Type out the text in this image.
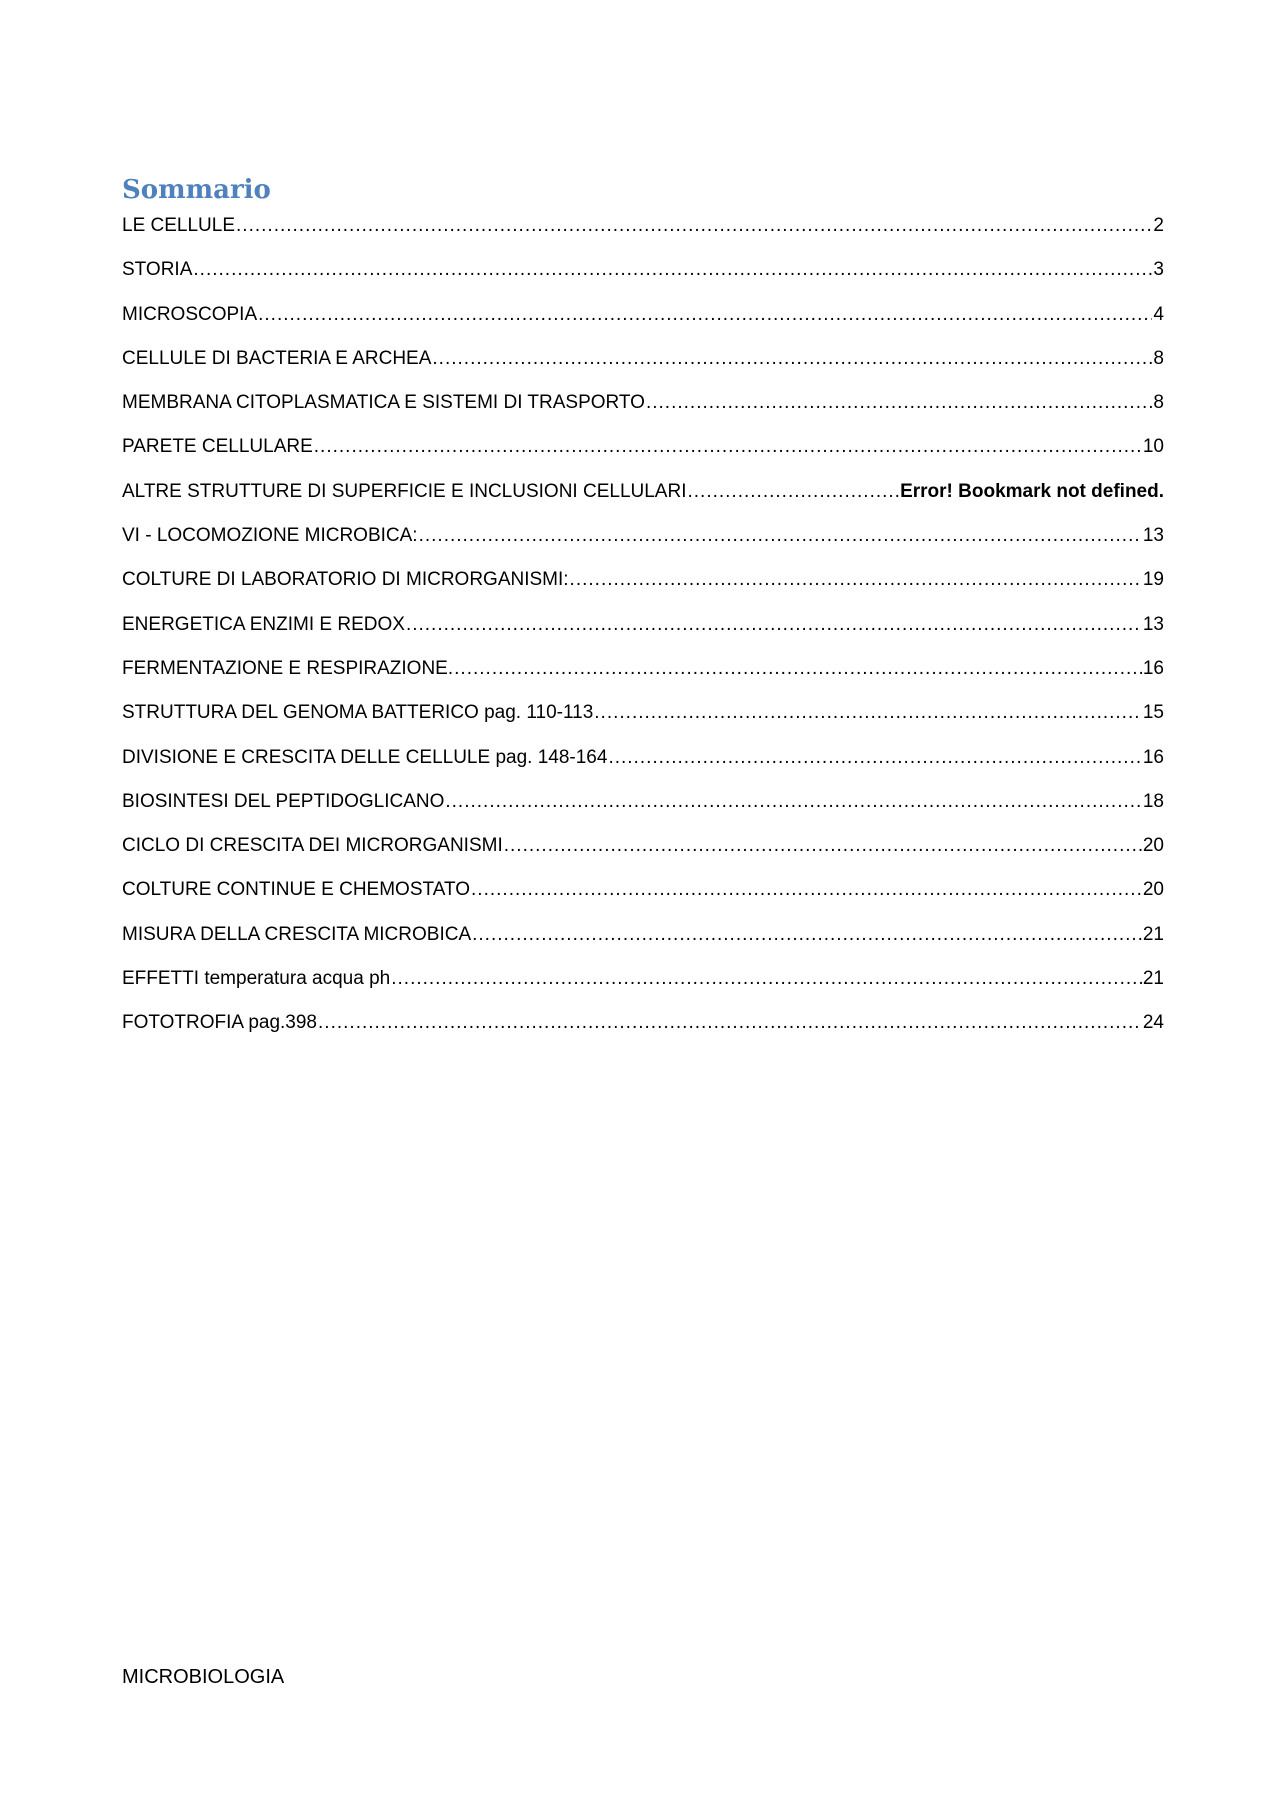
Sommario
LE CELLULE .....	2
STORIA .....	3
MICROSCOPIA .....	4
CELLULE DI BACTERIA E ARCHEA .....	8
MEMBRANA CITOPLASMATICA E SISTEMI DI TRASPORTO .....	8
PARETE CELLULARE .....	10
ALTRE STRUTTURE DI SUPERFICIE E INCLUSIONI CELLULARI .....	Error! Bookmark not defined.
VI - LOCOMOZIONE MICROBICA: .....	13
COLTURE DI LABORATORIO DI MICRORGANISMI: .....	19
ENERGETICA ENZIMI E REDOX .....	13
FERMENTAZIONE E RESPIRAZIONE. .....	16
STRUTTURA DEL GENOMA BATTERICO pag. 110-113 .....	15
DIVISIONE E CRESCITA DELLE CELLULE pag. 148-164 .....	16
BIOSINTESI DEL PEPTIDOGLICANO .....	18
CICLO DI CRESCITA DEI MICRORGANISMI .....	20
COLTURE CONTINUE E CHEMOSTATO .....	20
MISURA DELLA CRESCITA MICROBICA .....	21
EFFETTI temperatura acqua ph .....	21
FOTOTROFIA pag.398 .....	24

MICROBIOLOGIA
